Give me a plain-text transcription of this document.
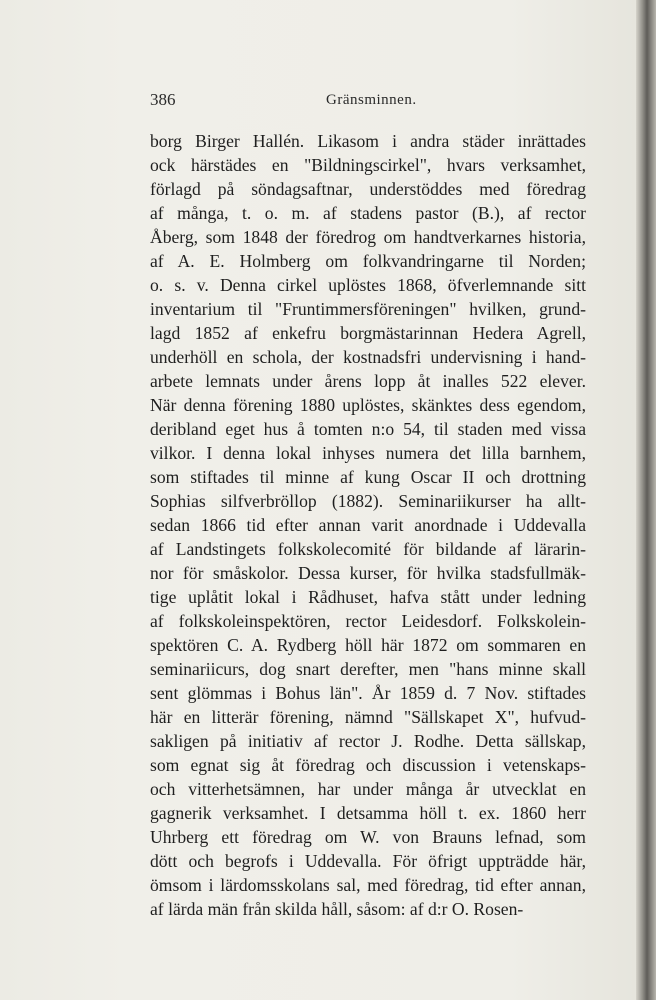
386	Gränsminnen.
borg Birger Hallén. Likasom i andra städer inrättades
ock härstädes en "Bildningscirkel", hvars verksamhet,
förlagd på söndagsaftnar, understöddes med föredrag
af många, t. o. m. af stadens pastor (B.), af rector
Åberg, som 1848 der föredrog om handtverkarnes historia,
af A. E. Holmberg om folkvandringarne til Norden;
o. s. v. Denna cirkel uplöstes 1868, öfverlemnande sitt
inventarium til "Fruntimmersföreningen" hvilken, grund-
lagd 1852 af enkefru borgmästarinnan Hedera Agrell,
underhöll en schola, der kostnadsfri undervisning i hand-
arbete lemnats under årens lopp åt inalles 522 elever.
När denna förening 1880 uplöstes, skänktes dess egendom,
deribland eget hus å tomten n:o 54, til staden med vissa
vilkor. I denna lokal inhyses numera det lilla barnhem,
som stiftades til minne af kung Oscar II och drottning
Sophias silfverbröllop (1882). Seminariikurser ha allt-
sedan 1866 tid efter annan varit anordnade i Uddevalla
af Landstingets folkskolecomité för bildande af lärarin-
nor för småskolor. Dessa kurser, för hvilka stadsfullmäk-
tige uplåtit lokal i Rådhuset, hafva stått under ledning
af folkskoleinspektören, rector Leidesdorf. Folkskolein-
spektören C. A. Rydberg höll här 1872 om sommaren en
seminariicurs, dog snart derefter, men "hans minne skall
sent glömmas i Bohus län". År 1859 d. 7 Nov. stiftades
här en litterär förening, nämnd "Sällskapet X", hufvud-
sakligen på initiativ af rector J. Rodhe. Detta sällskap,
som egnat sig åt föredrag och discussion i vetenskaps-
och vitterhetsämnen, har under många år utvecklat en
gagnerik verksamhet. I detsamma höll t. ex. 1860 herr
Uhrberg ett föredrag om W. von Brauns lefnad, som
dött och begrofs i Uddevalla. För öfrigt uppträdde här,
ömsom i lärdomsskolans sal, med föredrag, tid efter annan,
af lärda män från skilda håll, såsom: af d:r O. Rosen-
